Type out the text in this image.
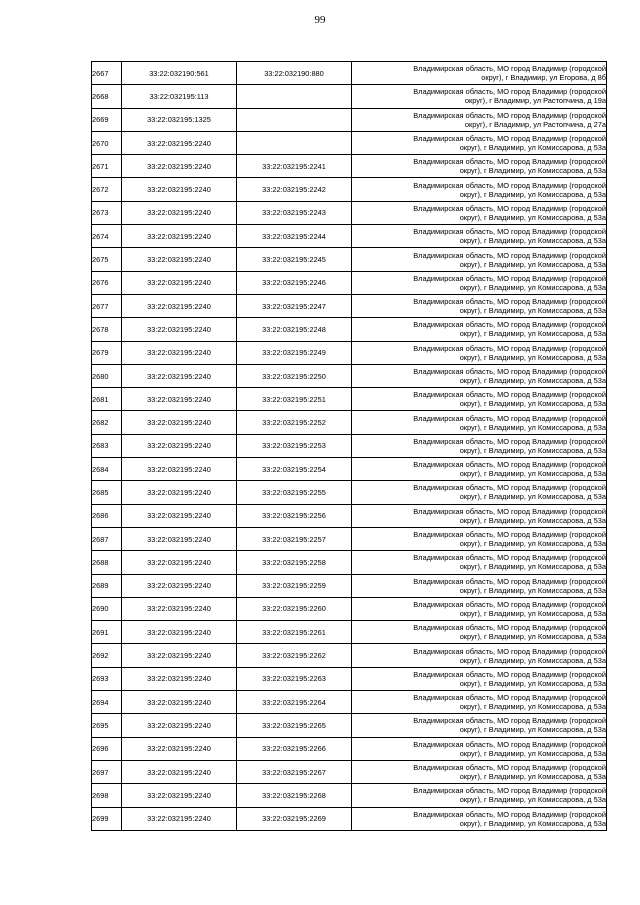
99
2667	33:22:032190:561	33:22:032190:880	Владимирская область, МО город Владимир (городской
округ), г Владимир, ул Егорова, д 8б

2668	33:22:032195:113		Владимирская область, МО город Владимир (городской
округ), г Владимир, ул Растопчина, д 19а

2669	33:22:032195:1325		Владимирская область, МО город Владимир (городской
округ), г Владимир, ул Растопчина, д 27а

2670	33:22:032195:2240		Владимирская область, МО город Владимир (городской
округ), г Владимир, ул Комиссарова, д 53а

2671	33:22:032195:2240	33:22:032195:2241	Владимирская область, МО город Владимир (городской
округ), г Владимир, ул Комиссарова, д 53а

2672	33:22:032195:2240	33:22:032195:2242	Владимирская область, МО город Владимир (городской
округ), г Владимир, ул Комиссарова, д 53а

2673	33:22:032195:2240	33:22:032195:2243	Владимирская область, МО город Владимир (городской
округ), г Владимир, ул Комиссарова, д 53а

2674	33:22:032195:2240	33:22:032195:2244	Владимирская область, МО город Владимир (городской
округ), г Владимир, ул Комиссарова, д 53а

2675	33:22:032195:2240	33:22:032195:2245	Владимирская область, МО город Владимир (городской
округ), г Владимир, ул Комиссарова, д 53а

2676	33:22:032195:2240	33:22:032195:2246	Владимирская область, МО город Владимир (городской
округ), г Владимир, ул Комиссарова, д 53а

2677	33:22:032195:2240	33:22:032195:2247	Владимирская область, МО город Владимир (городской
округ), г Владимир, ул Комиссарова, д 53а

2678	33:22:032195:2240	33:22:032195:2248	Владимирская область, МО город Владимир (городской
округ), г Владимир, ул Комиссарова, д 53а

2679	33:22:032195:2240	33:22:032195:2249	Владимирская область, МО город Владимир (городской
округ), г Владимир, ул Комиссарова, д 53а

2680	33:22:032195:2240	33:22:032195:2250	Владимирская область, МО город Владимир (городской
округ), г Владимир, ул Комиссарова, д 53а

2681	33:22:032195:2240	33:22:032195:2251	Владимирская область, МО город Владимир (городской
округ), г Владимир, ул Комиссарова, д 53а

2682	33:22:032195:2240	33:22:032195:2252	Владимирская область, МО город Владимир (городской
округ), г Владимир, ул Комиссарова, д 53а

2683	33:22:032195:2240	33:22:032195:2253	Владимирская область, МО город Владимир (городской
округ), г Владимир, ул Комиссарова, д 53а

2684	33:22:032195:2240	33:22:032195:2254	Владимирская область, МО город Владимир (городской
округ), г Владимир, ул Комиссарова, д 53а

2685	33:22:032195:2240	33:22:032195:2255	Владимирская область, МО город Владимир (городской
округ), г Владимир, ул Комиссарова, д 53а

2686	33:22:032195:2240	33:22:032195:2256	Владимирская область, МО город Владимир (городской
округ), г Владимир, ул Комиссарова, д 53а

2687	33:22:032195:2240	33:22:032195:2257	Владимирская область, МО город Владимир (городской
округ), г Владимир, ул Комиссарова, д 53а

2688	33:22:032195:2240	33:22:032195:2258	Владимирская область, МО город Владимир (городской
округ), г Владимир, ул Комиссарова, д 53а

2689	33:22:032195:2240	33:22:032195:2259	Владимирская область, МО город Владимир (городской
округ), г Владимир, ул Комиссарова, д 53а

2690	33:22:032195:2240	33:22:032195:2260	Владимирская область, МО город Владимир (городской
округ), г Владимир, ул Комиссарова, д 53а

2691	33:22:032195:2240	33:22:032195:2261	Владимирская область, МО город Владимир (городской
округ), г Владимир, ул Комиссарова, д 53а

2692	33:22:032195:2240	33:22:032195:2262	Владимирская область, МО город Владимир (городской
округ), г Владимир, ул Комиссарова, д 53а

2693	33:22:032195:2240	33:22:032195:2263	Владимирская область, МО город Владимир (городской
округ), г Владимир, ул Комиссарова, д 53а

2694	33:22:032195:2240	33:22:032195:2264	Владимирская область, МО город Владимир (городской
округ), г Владимир, ул Комиссарова, д 53а

2695	33:22:032195:2240	33:22:032195:2265	Владимирская область, МО город Владимир (городской
округ), г Владимир, ул Комиссарова, д 53а

2696	33:22:032195:2240	33:22:032195:2266	Владимирская область, МО город Владимир (городской
округ), г Владимир, ул Комиссарова, д 53а

2697	33:22:032195:2240	33:22:032195:2267	Владимирская область, МО город Владимир (городской
округ), г Владимир, ул Комиссарова, д 53а

2698	33:22:032195:2240	33:22:032195:2268	Владимирская область, МО город Владимир (городской
округ), г Владимир, ул Комиссарова, д 53а

2699	33:22:032195:2240	33:22:032195:2269	Владимирская область, МО город Владимир (городской
округ), г Владимир, ул Комиссарова, д 53а
